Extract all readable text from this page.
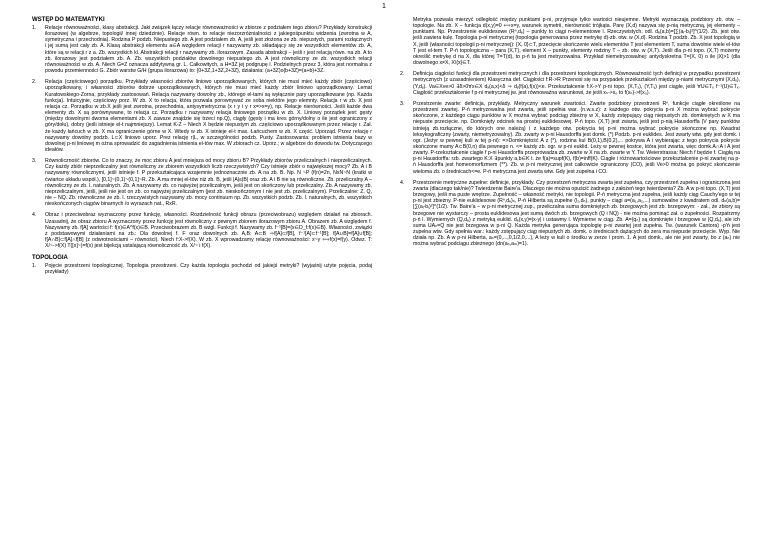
1
WSTĘP DO MATEMATYKI
1.	Relacje równoważności, klasy abstrakcji. Jaki związek łączy relacje równoważności w zbiorze z podziałem tego zbioru? Przykłady konstrukcji ilorazowej (w algebrze, topologii/ innej dziedzinie). Relacje równ. to relacje niezorzróżnialności z jakiegośpunktu widzenia (zwrotna w A, symetryczna i przechodnia). Rodzina P podzb. Niepustego zb. A jest podziałem zb. A, jeśli jest złożona ze zb. niepustych, parami rozłącznych i jej sumą jest cały zb. A. Klasą abstrakcji elementu a∈A względem relacji r nazywamy zb. składający się ze wszystkich elementów zb. A, które są w relacji r z a. Zb. wszystkich kl. Abstrakcji relacji r nazywamy zb. ilorazowym. Zasada abstrakcji – jeśli r jest relacją równ. na zb. A to zb. ilorazowy jest podziałem zb. A. Zb. wszystkich podziałów dowolnego niepustego zb. A jest równoliczny ze zb. wszystkich relacji równoważności w zb. A. Niech G=Z oznacza addytywną gr. L. Całkowitych, a H=3Z jej podgrupę l. Podzielnych przez 3, która jest normalna z powodu przemienności G. Zbiór warstw G/H (grupa ilorazowa) to: {0+3Z,1+3Z,2+3Z}, działania: (a+3Z)o(b+3Z)=(a+b)+3Z.
2.	Relacja (częściowego) porządku. Przykłady własności zbiorów liniowo uporządkowanych, których nie musi mieć każdy zbiór (częściowo) uporządkowany, i własności zbiorów dobrze uporządkowanych, których nie musi mieć każdy zbiór liniowo uporządkowany. Lemat Kuratowskiego-Zorna, przykłady zastosowań. Relacja nazywamy dowolny zb., którego el-tami są wyłącznie pary uporządkowane (np. Każda funkcja). Intuicyjnie, częściowy porz. W zb. X to relacja, która pozwala porownywać ze soba niektóre jego elemnty. Relacja r w zb. X jest relacja cz. Porządku w zb.X jeśli jest zwrotna, przechodnia, antysymetryczna (x r y i y r x=>x=y), np. Relacje nierówności. Jeśli każde dwa elementy zb. X są porównywane, to relacja cz. Porządku r nazywamy relacja liniowego porządku w zb. X. Liniowy porządek jest: gęsty (między dowolnymi dwoma elementami zb. X zawsze znajdzie się trzeci np.Q), ciągły (gęsty i ma kres górny/dolny o ile jest ograniczony z góry/dołu), dobry (jeśli istnieje el-t najmniejszy). Lemat K-Z – Niech X będzie niepustym zb. częściowo uporządkowanym przez relację r. Zał. że każdy łańcuch w zb. X ma ograniczenie górne w X. Wtedy w zb. X istnieje el-t max. Łańcuchem w zb. X część. Uporząd. Przez relację r nazywamy dowolny podzb. L⊂X liniowo uporz. Prez relację r|L, w szczególności podzb. Pusty. Zastosowania: problem istnienia bazy w dowolnej p-ni liniowej m ożna sprowadzić do zagadnienia istnienia el-tów max. W zbiorach cz. Uporz.; w algebrze do dowodu tw. Dotyczącego ideałów.
3.	Równoliczność zbiorów. Co to znaczy, że moc zbioru A jest mniejsza od mocy zbioru B? Przykłady zbiorów przeliczalnych i nieprzeliczalnych. Czy każdy zbiór nieprzeliczalny jest równoliczny ze zbiorem wszystkich liczb rzeczywistych? Czy istnieje zbiór o największej mocy? Zb. A i B nazywamy równolicznymi, jeśli istnieje f. P przekształcająca wzajemnie jednoznacznie zb. A na zb. B. Np. N ~P (f(n)=2n, NxN~N (kratki w ćwiartce układu współ.), [0,1]~(0,1)~(0,1]~R. Zb. A ma mniej el-tów niż zb. B, jeśli |A|≤|B| oraz zb. A i B nie są równoliczne. Zb. przeliczalny A – równoliczny ze zb. l. naturalnych. Zb. A nazywamy zb. co najwyżej przeliczalnym, jeśli jest on skończony lub przeliczalny. Zb. A nazywamy zb. nieprzeliczalnym, jeśli, jeśli nie jest on zb. co najwyżej przeliczalnym (jest zb. nieskończonym i nie jest zb. przeliczalnym). Przeliczalne: Z, Q, nie – NQ. Zb. równoliczne ze zb. l. rzeczywistych nazywamy zb. mocy continuum np. Zb. wszystkich podzb. Zb. l. naturalnych, zb. wszystkich nieskończonych ciągów binarnych /o wyrazach nat., RxR.
4.	Obraz i przeciwobraz wyznaczony przez funkcję, własności. Rozdzielność funkcji obrazu (przeciwobrazu) względem działań na zbiorach. Uzasadnij, że obraz zbioru A wyznaczony przez funkcję jest równoliczny z pewnym zbiorem ilorazowym zbioru A. Obrazem zb. A względem f. Nazywamy zb. f[A] wartości f: f(x)∈A^f(x)∈B. Przeciwobrazem zb. B wzgl. Funkcji f. Nazywamy zb. f⁻¹[B]={x∈D_f:f(x)∈B}. Własności, związki z podstawowymi działaniami na zb.: Dla dowolnej f. F oraz dowolnych zb. A,B: A⊂B ⇒f[A]⊂f[B], f⁻¹[A]⊂f⁻¹[B]; f[A∪B]=f[A]∪f[B]; f[A∩B]⊂f[A]∩f[B] (z odwrotnościami – równości). Niech f:X->f(X). W zb. X wprowadzamy relację równoważności: x~y ⟺f(x)=f(y). Odwz. T: X/~->f(X) T([x]~)=f(x) jest bijekcją ustalającą równoliczność zb. X/~ i f(X).
TOPOLOGIA
1.	Pojęcie przestrzeni topologicznej. Topologia przestrzeni. Czy każda topologia pochodzi od jakiejś metryki? (wyjaśnij użyte pojęcia, podaj przykłady)
Metryka pozwala mierzyć odległość między punktami p-ni, przyjmuje tylko wartości nieujemne. Metryki wyznaczają podzbiory zb. otw. – topologie. Na zb. X – funkcja d(x,y)=0 ⟺x=y, warunek symetrii, nierówność trójkąta. Parę (X,d) nazywa się p-nią metryczną, jej elementy – punktami. Np. Przestrzenie euklidesowe (Rⁿ,dₑ) – punkty to ciągi n-elementowe l. Rzeczywistych, odl. dₑ(a,b)=[∑(aᵢ-bᵢ)²]^(1/2). Zb. jest otw. jeśli zawiera kulę. Topologia p-ni metrycznej (topologia generowana przez metrykę d)-zb. otw. w (X,d). Rodzina T podzb. Zb. X jest topologią w X, jeśli (własności topologii p-ni metrycznej): {X, 0}⊂T, przecięcie skończenie wielu elementów T jest elementem T, suma dowolnie wiele el-tów T jest el-tem T. P-ń topologiczna – para (X,T), element X – punkty, elementy rodziny T – zb. otw. w (X,T). Jeśli dla p-ni topo. (X,T) możemy określić metrykę d na X, dla której T=T(d), to p-ń ta jest metryzowalna. Przykład niemetryzowalnej: antydyskretna T={X, 0} o ile |X|>1 (dla dowolnego x≠X, X\{x}∈T.
2.	Definicja ciągłości funkcji dla przestrzeni metrycznych i dla przestrzeni topologicznych. Równoważność tych definicji w przypadku przestrzeni metrycznych (z uzasadnieniem) Klasyczna def. Ciągłości f:R->R Przenosi się na przypadek przekształceń między p-niami metrycznymi (X,dₓ), (Y,dᵧ). Va∈Xve>0 ∃δ>0∀x∈X dₓ(a,x)<δ ⇒ dᵧ(f(a),f(x))<e. Przekształcenie f:X->Y p-ni topo. (X,Tₓ), (Y,Tᵧ) jest ciągłe, jeśli ∀U∈Tᵧ f⁻¹(U)∈Tₓ. Ciągłość przekształcenie f p-ni metrycznej jw. jest równoważna warunkowi, że jeśli xₙ->x₀ to f(xₙ)->f(x₀).
3.	Przestrzenie zwarte: definicja, przykłady. Metryczny warunek zwartości. Zwarte podzbiory przestrzeni Rⁿ, funkcje ciągłe określone na przestrzeni zwartej. P-ń metryzowalna jest zwarta, jeśli spełnia war. (n.w.s.z): z każdego otw. pokrycia p-ni X można wybrać pokrycie skończone, z każdego ciągu punktów w X można wybrać podciąg zbieżny w X, każdy zstępujący ciąg niepustych zb. domkniętych w X ma niepuste przecięcie. np. Domknięty odcinek na prostej euklidesowej. P-ń topo. (X,T) jest zwarta, jeśli jest p-nią Hausdorffa (V pary punktów istnieją zb.rozłączne, do których one należą) i z każdego otw. pokrycia tej p-ni można wybrać pokrycie skończone np. Kwadrat leksykograficzny (zwarty, niemetryzowalny). Zb. zwarty w p-ni Hausdorffa jest domk. (*) Podzb. p-ni euklides. Jest zwarty wtw. gdy jest domk. i ogr. (Jeżyr w pewnej kuli w tej p-ni): =>Domkniętość A z (*), rodzina kul B(0,1),B(0,2),... pokrywa A i wybierając z tego pokrycia pokrycie skończone mamy A⊂B(0,n) dla pewnego n. <= każdy zb. ogr. w p-ni euklid. Leży w pewnej kostce, która jest zwarta, więc domk.A∩A i A jest zwarty. P-rzekształcenie ciągłe f p-ni Hausdorffa przeprowadza zb. zwarte w X na zb. zwarte w Y. Tw. Weierstrassa: Niech f będzie f. Ciągłą na p-ni Hausdorffa: rzb. zwartego K:X ∃punkty a,b∈K t. że f(a)=supf(K), f(b)=inff(K). Ciągłe i różnowartościowe przekształcenie p-ni zwartej na p-ń Hausdorffa jest homeomorfizmem (**). Zb. w p-ni metrycznej jest całkowicie ograniczony (CO), jeśli Ve>0 można go pokryć skończenie wieloma zb. o średnicach<=e. P-ń metryczna jest zwarta wtw. Gdy jest zupełna i CO.
4.	Przestrzenie metryczne zupełne: definicje, przykłady. Czy przestrzeń metryczna zwarta jest zupełna, czy przestrzeń zupełna i ograniczona jest zwarta (dlaczego tak/nie)? Twierdzenie Baire'a. Dlaczego nie można opuścić żadnego z założeń tego twierdzenia? Zb. A w p-ni topo. (X,T) jest brzegowy, jeśli ma puste wnętrze. Zupełność – własność metryki, nie topologii. P-ń metryczna jest zupełna, jeśli każdy ciąg Cauchy'ego w tej p-ni jest zbieżny. P-nie euklidesowe (Rⁿ,dₑ)ₙ, P-ń Hilberta są zupełne (l₂,dₕ), punkty – ciągi a=(a₁,a₂,...) sumowalne z kwadratem odl. dₕ(a,b)=[∑(aᵢ-bᵢ)²]^(1/2). Tw. Baire'a – w p-ni metrycznej zup., przeliczalna suma domkniętych zb. brzegowych jest zb. brzegowym: - zał., że zbiory są brzegowe nie wystarczy – prosta euklidesowa jest sumą dwóch zb. brzegowych (Q i NQ) - nie można pominąć zał. o zupełności. Rozpatrzmy p-ń l. Wymiernych (Q,dₑ) z metryką euklid. dₑ(x,y)=|x-y| i ustawmy l. Wymierne w ciąg. Zb. A={qₙ} są domknięte i brzegowe w (Q,dₑ), ale ich suma UAₙ=Q nie jest brzegowa w p-ni Q. Każda metryka generująca topologię p-ni zwartej jest zupełna. Tw. (warunek Cantora) -p'ń jest zupełna wtw. Gdy spełnia war.: każdy zstępujący ciąg niepustych zb. domk. o średnicach dążących do zera ma niepuste przecięcie. Wyp. Nie działa np. Zb. A w p-ni Hilberta, aₙ=(0,...,0,1/2,0,...), A leży w kuli o środku w zerze i prom. 1. A jest domk., ale nie jest zwarty, bo z (aₙ) nie można wybrać podciągu zbieżnego (dn(aₙ,aₘ)=1).
